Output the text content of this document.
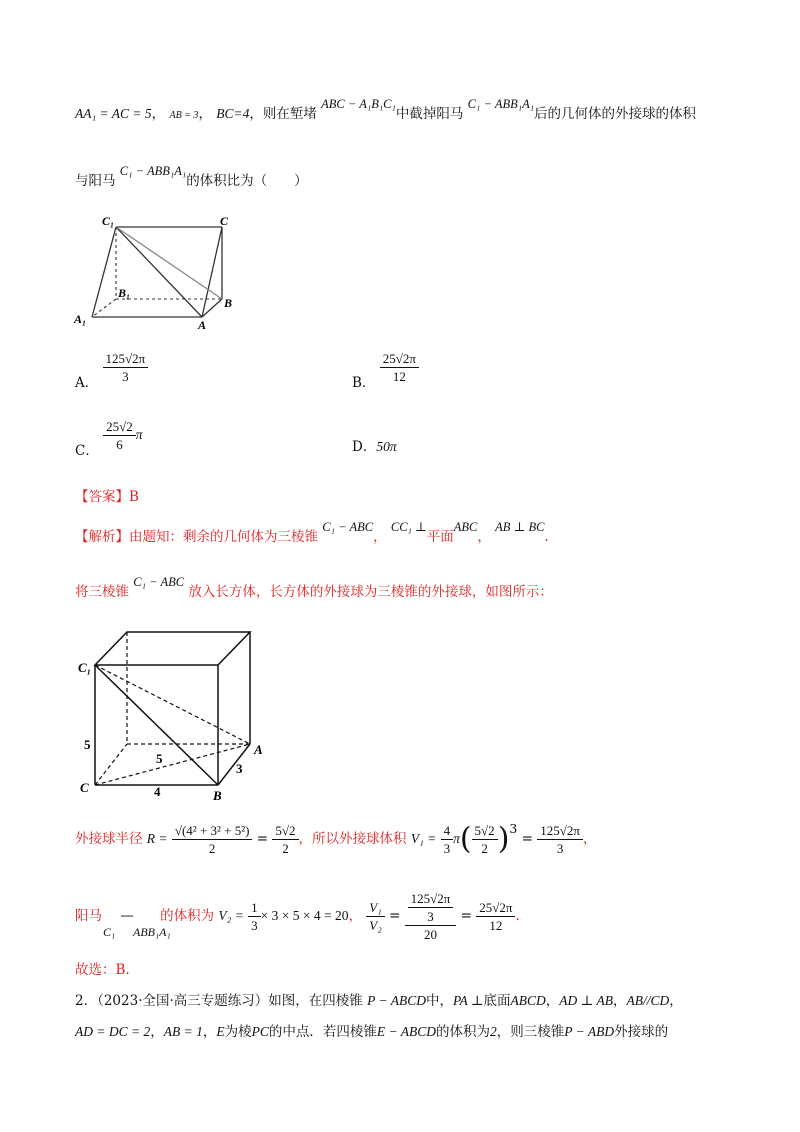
AA₁ = AC = 5， AB = 3， BC=4，则在堑堵 ABC − A₁B₁C₁中截掉阳马 C₁ − ABB₁A₁后的几何体的外接球的体积
与阳马 C₁ − ABB₁A₁的体积比为（　　）
C₁	C
B₁
B
A₁	A
A． $\frac{125√2\pi}{3}$	B． $\frac{25√2\pi}{12}$
C． $\frac{25√2}{6}$ π
D．50π
【答案】B
【解析】由题知：剩余的几何体为三棱锥 C₁ − ABC， CC₁ ⊥平面ABC， AB ⊥ BC.
将三棱锥 C₁ − ABC 放入长方体，长方体的外接球为三棱锥的外接球，如图所示：
C₁
5
5
A
3
C	4	B
外接球半径 $R = \frac{\text{√(4² + 3² + 5²)}}{2} = \frac{5√2}{2}$ ，所以外接球体积 $V_1 = \frac{4}{3} \pi( \frac{5√2}{2} )3 = \frac{125√2\pi}{3}$ ，
阳马 — 的体积为 $V_2 = \frac{1}{3} \times 3 \times 5 \times 4 = 20$， $\frac{\text{V₁}}{\text{V₂}} = \frac{\frac{125√2\pi}{3}}{20} = \frac{25√2\pi}{12}$ .
C₁ ABB₁A₁
故选：B.
2．（2023·全国·高三专题练习）如图，在四棱锥 P − ABCD中，PA ⊥底面ABCD，AD ⊥ AB，AB//CD，
AD = DC = 2，AB = 1，E为棱PC的中点．若四棱锥E − ABCD的体积为2，则三棱锥P − ABD外接球的
